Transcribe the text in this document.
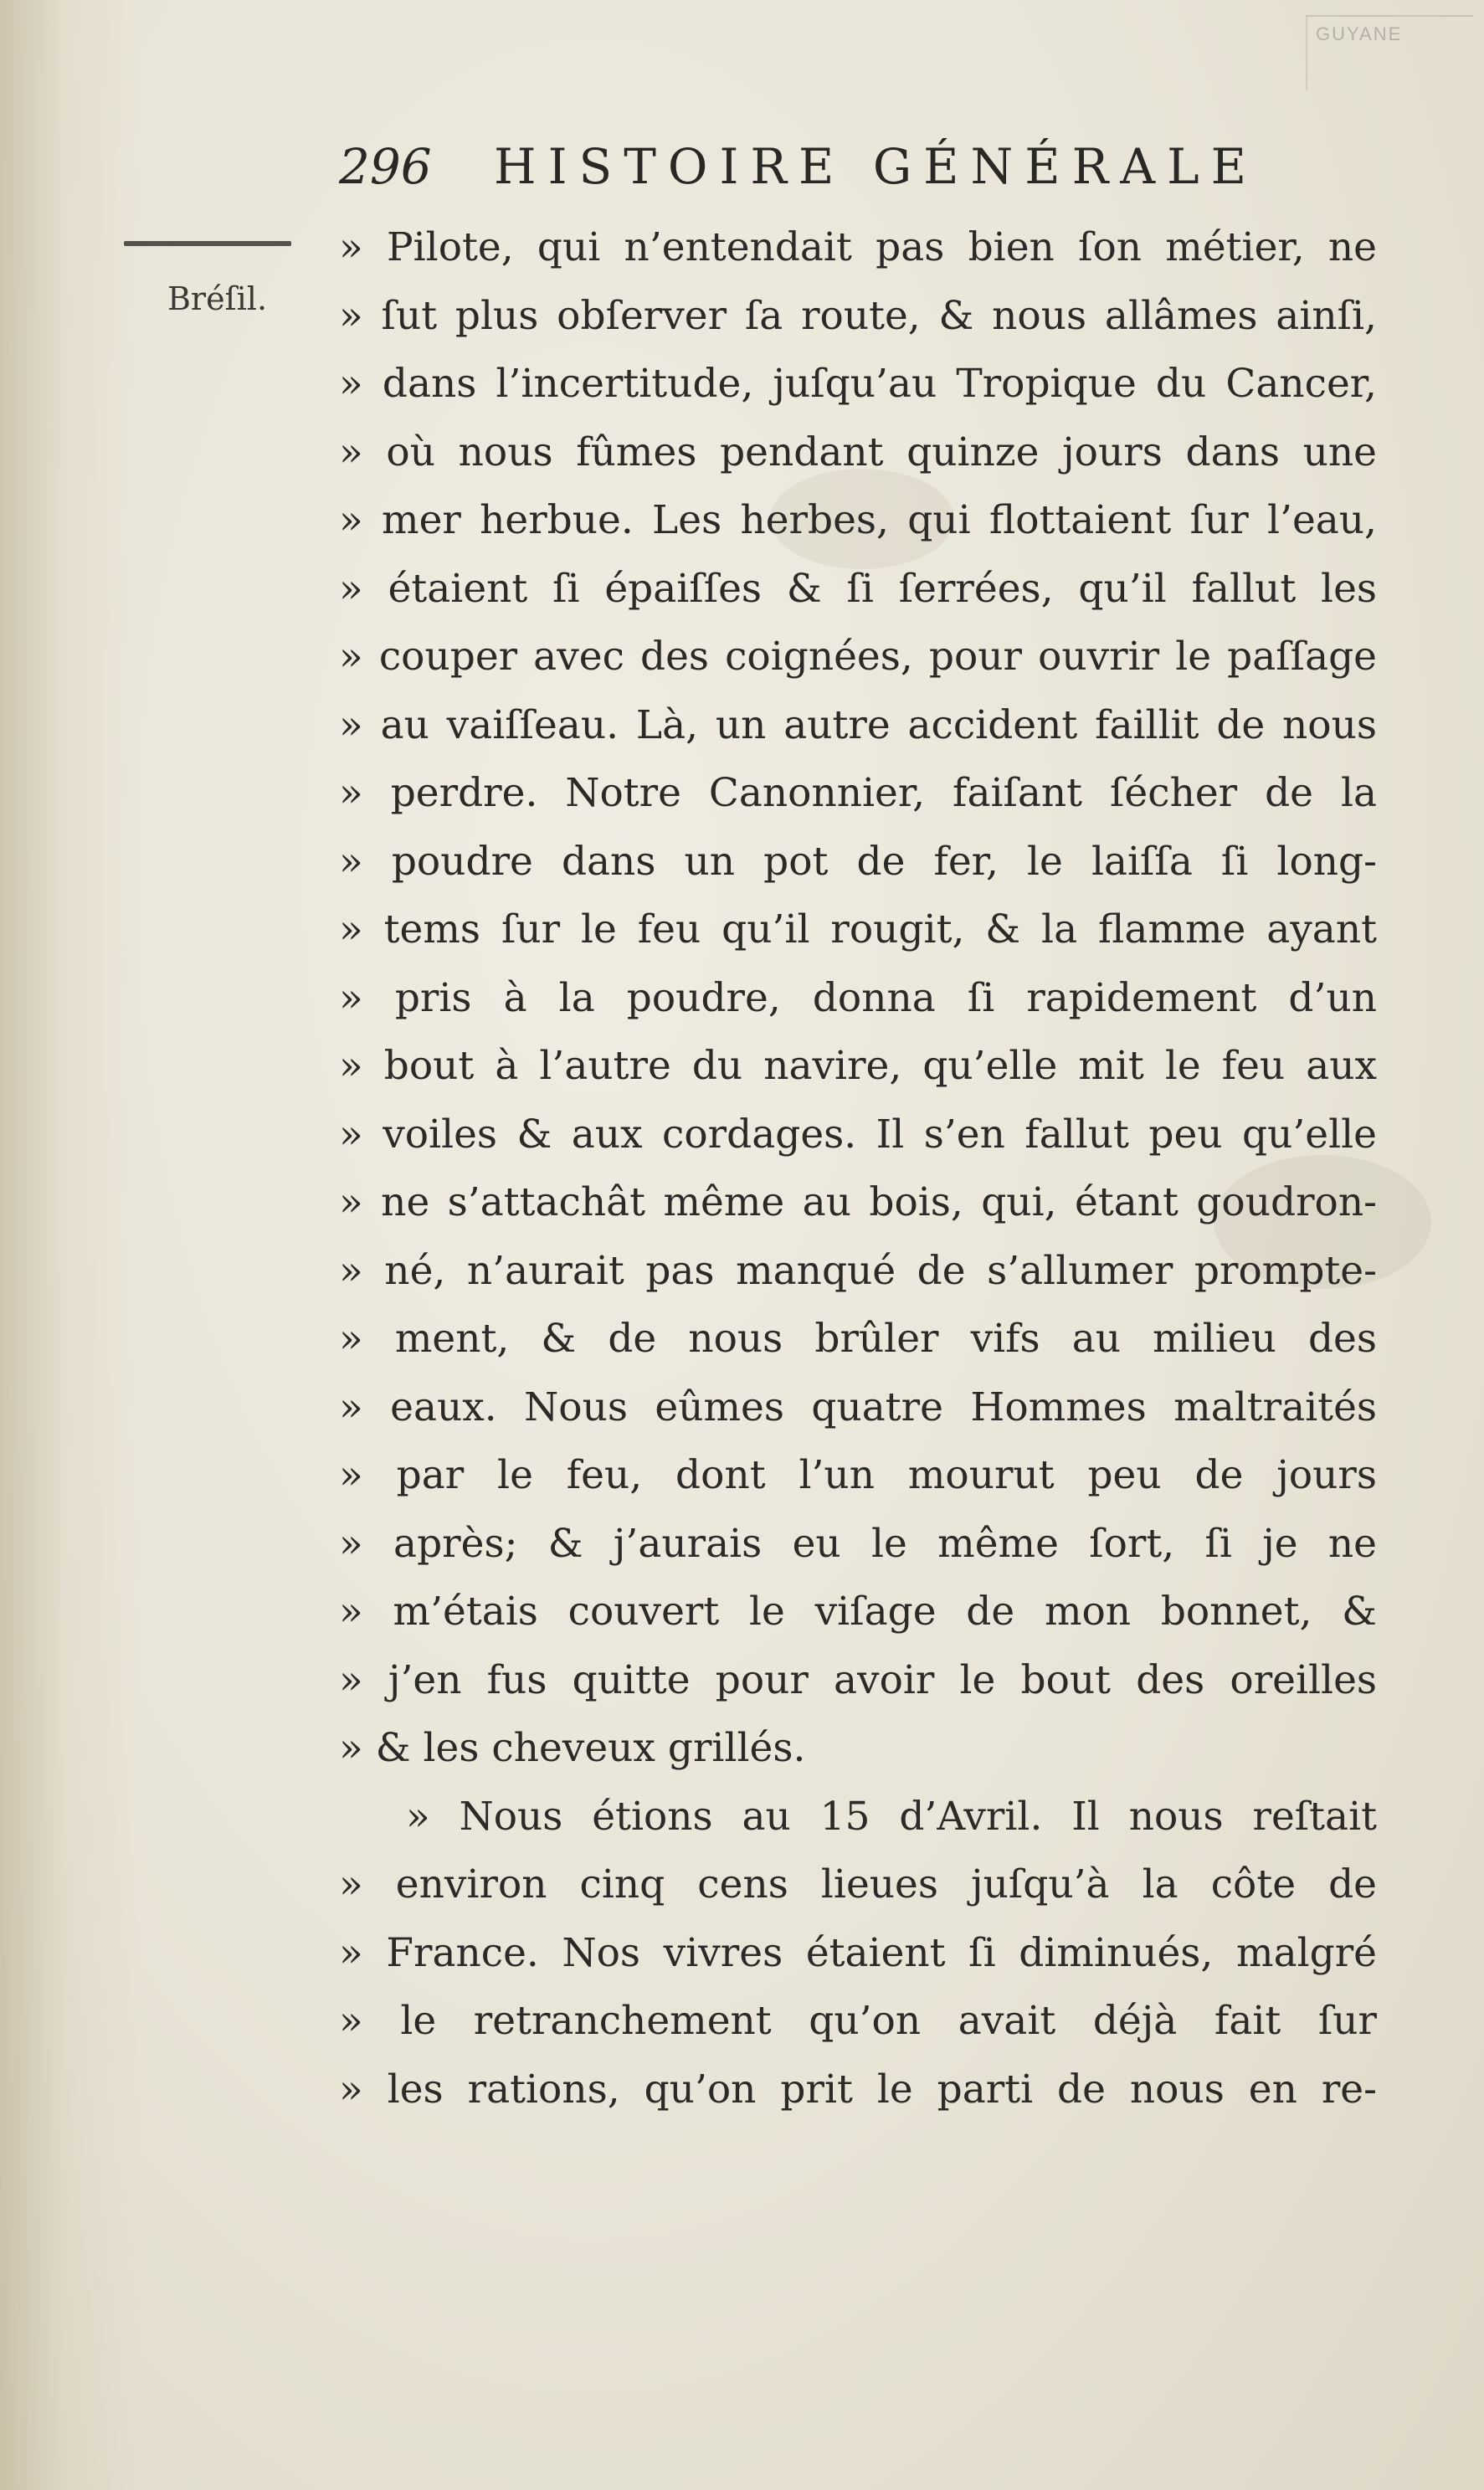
GUYANE
296 HISTOIRE GÉNÉRALE
Bréſil.
» Pilote, qui n’entendait pas bien ſon métier, ne
» ſut plus obſerver ſa route, & nous allâmes ainſi,
» dans l’incertitude, juſqu’au Tropique du Cancer,
» où nous fûmes pendant quinze jours dans une
» mer herbue. Les herbes, qui flottaient ſur l’eau,
» étaient ſi épaiſſes & ſi ſerrées, qu’il fallut les
» couper avec des coignées, pour ouvrir le paſſage
» au vaiſſeau. Là, un autre accident faillit de nous
» perdre. Notre Canonnier, faiſant ſécher de la
» poudre dans un pot de fer, le laiſſa ſi long-
» tems ſur le feu qu’il rougit, & la flamme ayant
» pris à la poudre, donna ſi rapidement d’un
» bout à l’autre du navire, qu’elle mit le feu aux
» voiles & aux cordages. Il s’en fallut peu qu’elle
» ne s’attachât même au bois, qui, étant goudron-
» né, n’aurait pas manqué de s’allumer prompte-
» ment, & de nous brûler vifs au milieu des
» eaux. Nous eûmes quatre Hommes maltraités
» par le feu, dont l’un mourut peu de jours
» après; & j’aurais eu le même ſort, ſi je ne
» m’étais couvert le viſage de mon bonnet, &
» j’en fus quitte pour avoir le bout des oreilles
» & les cheveux grillés.
» Nous étions au 15 d’Avril. Il nous reſtait
» environ cinq cens lieues juſqu’à la côte de
» France. Nos vivres étaient ſi diminués, malgré
» le retranchement qu’on avait déjà fait ſur
» les rations, qu’on prit le parti de nous en re-
